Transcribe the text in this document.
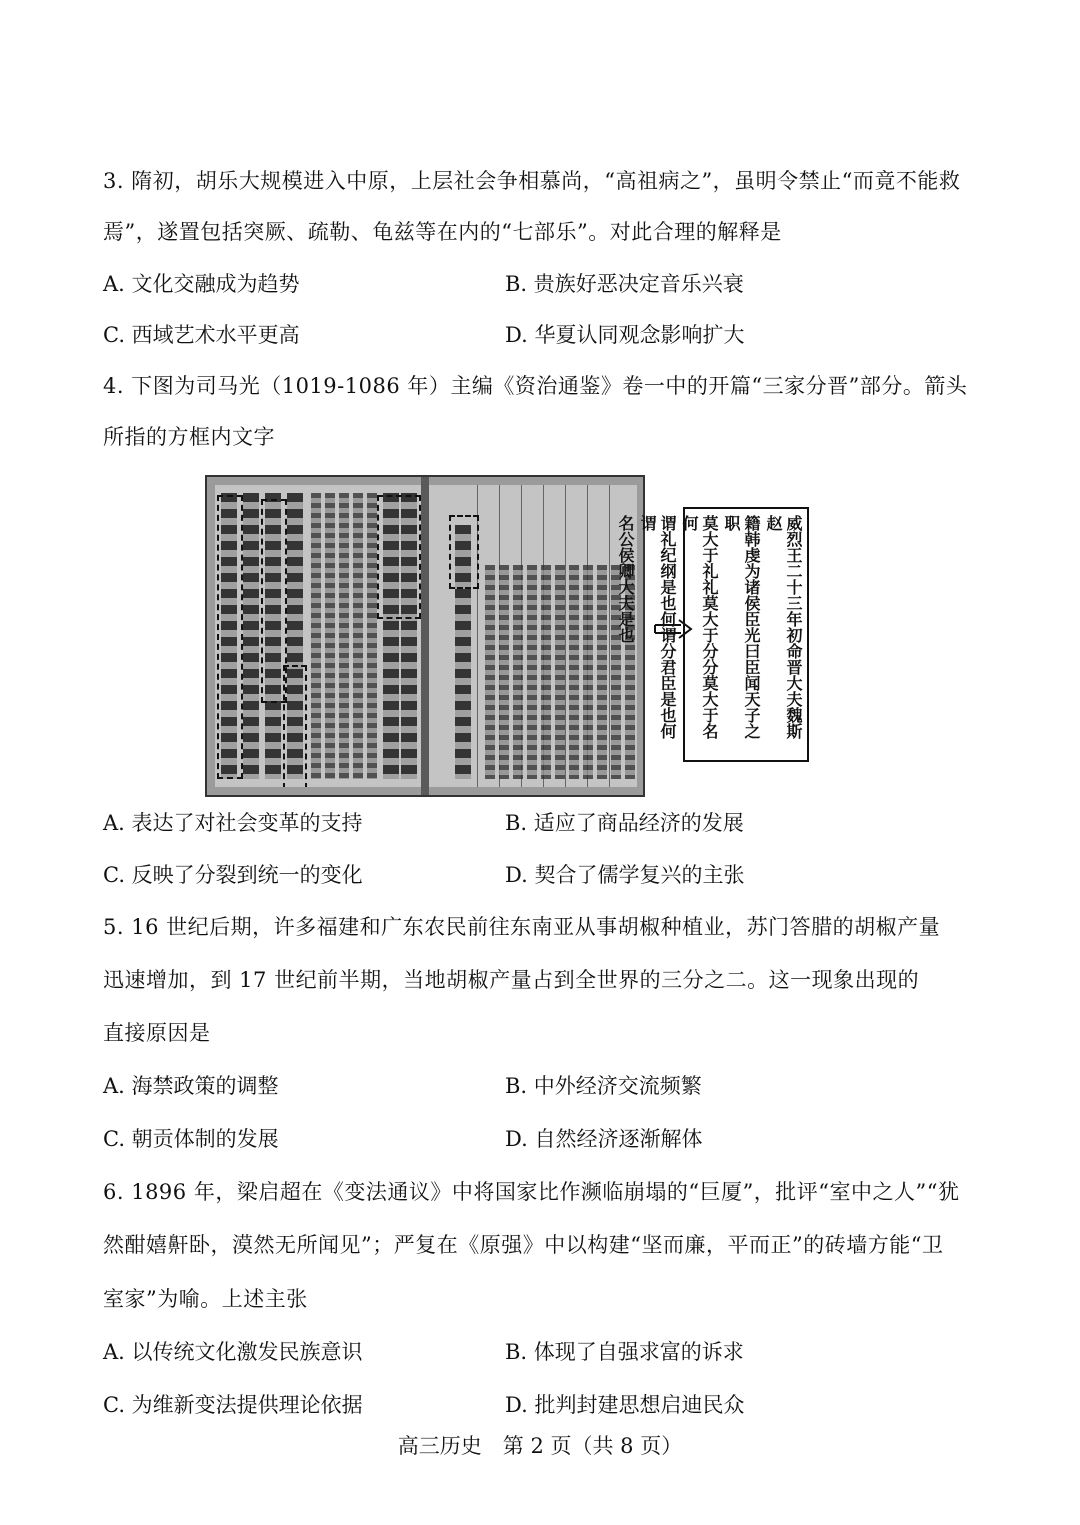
3. 隋初，胡乐大规模进入中原，上层社会争相慕尚，“高祖病之”，虽明令禁止“而竟不能救
焉”，遂置包括突厥、疏勒、龟兹等在内的“七部乐”。对此合理的解释是
A. 文化交融成为趋势	B. 贵族好恶决定音乐兴衰
C. 西域艺术水平更高	D. 华夏认同观念影响扩大
4. 下图为司马光（1019-1086 年）主编《资治通鉴》卷一中的开篇“三家分晋”部分。箭头
所指的方框内文字
威烈王二十三年初命晋大夫魏斯赵
籍韩虔为诸侯臣光曰臣闻天子之职
莫大于礼礼莫大于分分莫大于名何
谓礼纪纲是也何谓分君臣是也何谓
名公侯卿大夫是也
A. 表达了对社会变革的支持	B. 适应了商品经济的发展
C. 反映了分裂到统一的变化	D. 契合了儒学复兴的主张
5. 16 世纪后期，许多福建和广东农民前往东南亚从事胡椒种植业，苏门答腊的胡椒产量
迅速增加，到 17 世纪前半期，当地胡椒产量占到全世界的三分之二。这一现象出现的
直接原因是
A. 海禁政策的调整	B. 中外经济交流频繁
C. 朝贡体制的发展	D. 自然经济逐渐解体
6. 1896 年，梁启超在《变法通议》中将国家比作濒临崩塌的“巨厦”，批评“室中之人”“犹
然酣嬉鼾卧，漠然无所闻见”；严复在《原强》中以构建“坚而廉，平而正”的砖墙方能“卫
室家”为喻。上述主张
A. 以传统文化激发民族意识	B. 体现了自强求富的诉求
C. 为维新变法提供理论依据	D. 批判封建思想启迪民众
高三历史　第 2 页（共 8 页）
